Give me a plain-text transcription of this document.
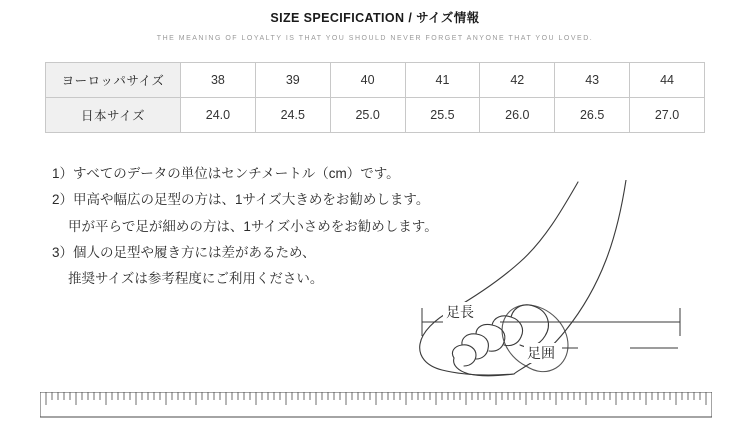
SIZE SPECIFICATION / サイズ情報
THE MEANING OF LOYALTY IS THAT YOU SHOULD NEVER FORGET ANYONE THAT YOU LOVED.
ヨーロッパサイズ	38	39	40	41	42	43	44
日本サイズ	24.0	24.5	25.0	25.5	26.0	26.5	27.0
1）すべてのデータの単位はセンチメートル（cm）です。
2）甲高や幅広の足型の方は、1サイズ大きめをお勧めします。
甲が平らで足が細めの方は、1サイズ小さめをお勧めします。
3）個人の足型や履き方には差があるため、
推奨サイズは参考程度にご利用ください。
足長
足囲
